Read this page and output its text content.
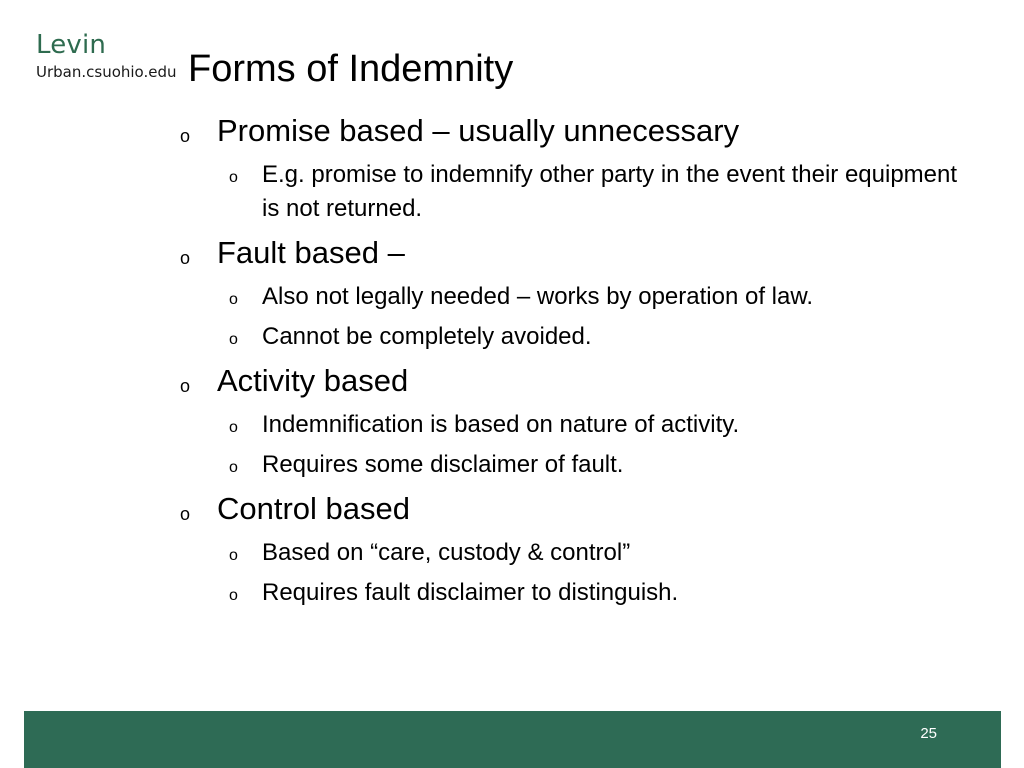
Levin
Urban.csuohio.edu Forms of Indemnity
o Promise based – usually unnecessary
o E.g. promise to indemnify other party in the event their equipment is not returned.
o Fault based –
o Also not legally needed – works by operation of law.
o Cannot be completely avoided.
o Activity based
o Indemnification is based on nature of activity.
o Requires some disclaimer of fault.
o Control based
o Based on “care, custody & control”
o Requires fault disclaimer to distinguish.
25
